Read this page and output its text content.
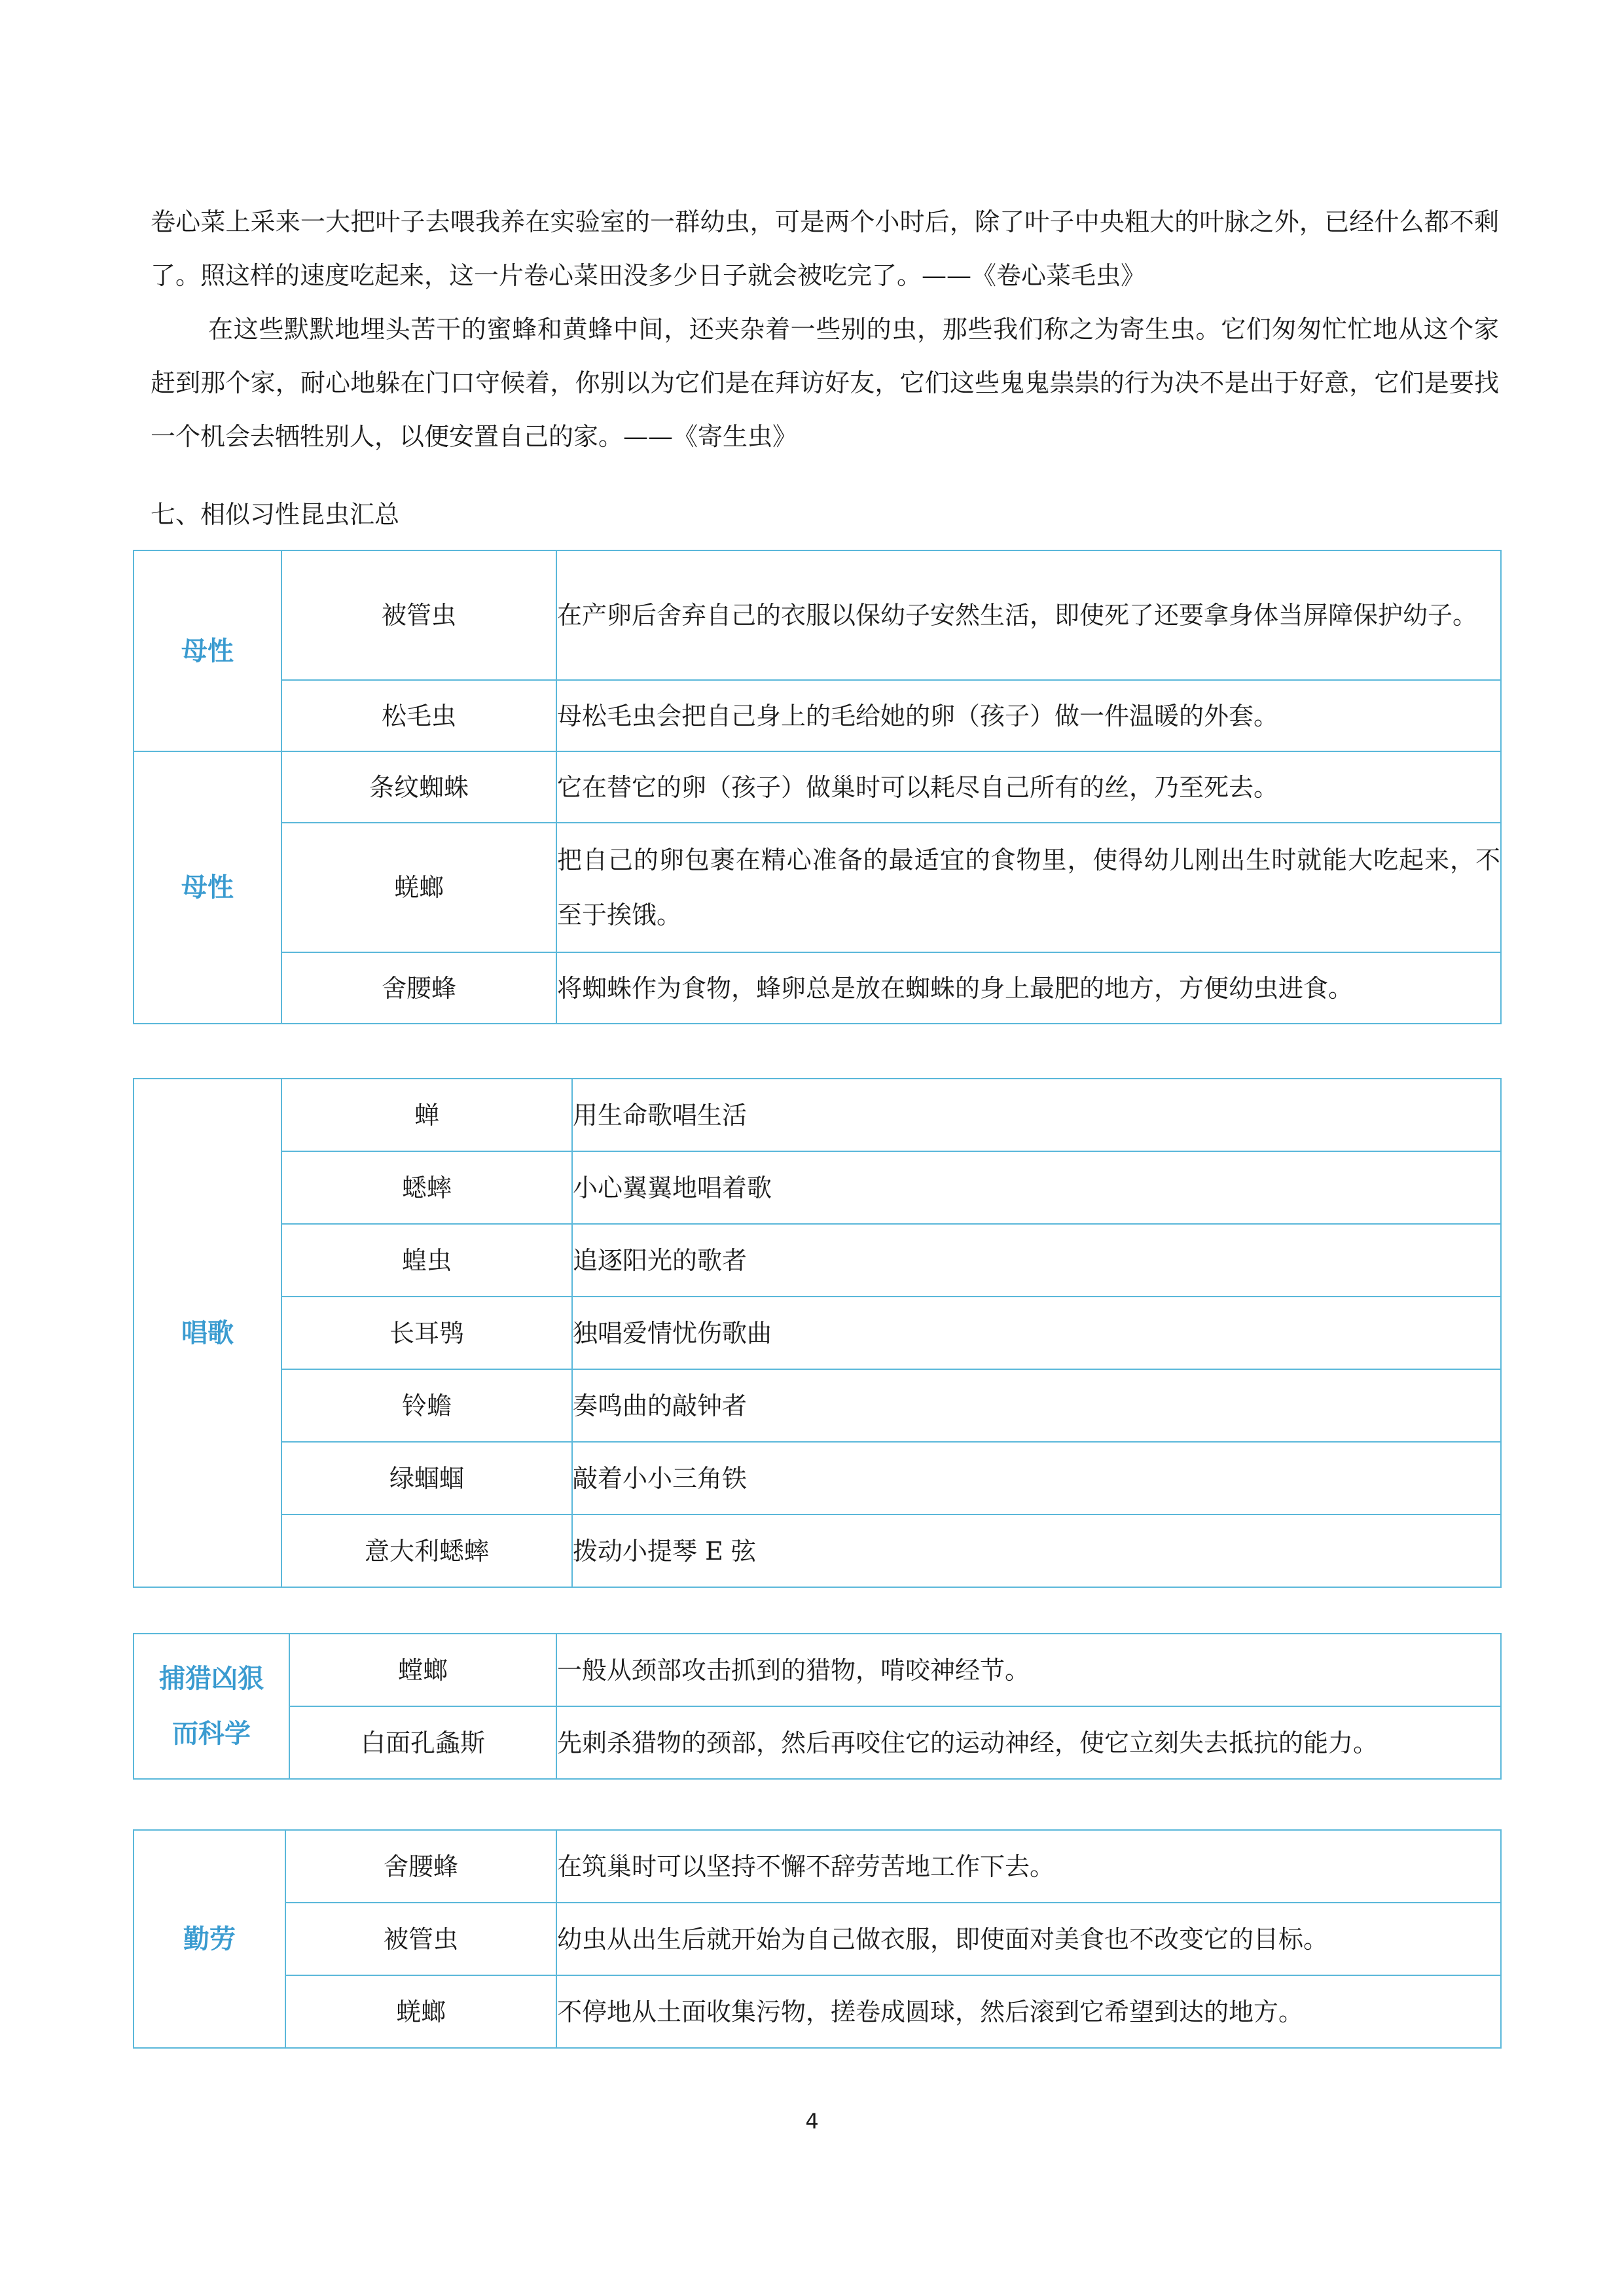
卷心菜上采来一大把叶子去喂我养在实验室的一群幼虫，可是两个小时后，除了叶子中央粗大的叶脉之外，已经什么都不剩了。照这样的速度吃起来，这一片卷心菜田没多少日子就会被吃完了。——《卷心菜毛虫》

在这些默默地埋头苦干的蜜蜂和黄蜂中间，还夹杂着一些别的虫，那些我们称之为寄生虫。它们匆匆忙忙地从这个家赶到那个家，耐心地躲在门口守候着，你别以为它们是在拜访好友，它们这些鬼鬼祟祟的行为决不是出于好意，它们是要找一个机会去牺牲别人，以便安置自己的家。——《寄生虫》

七、相似习性昆虫汇总

母性	被管虫	在产卵后舍弃自己的衣服以保幼子安然生活，即使死了还要拿身体当屏障保护幼子。
	松毛虫	母松毛虫会把自己身上的毛给她的卵（孩子）做一件温暖的外套。
母性	条纹蜘蛛	它在替它的卵（孩子）做巢时可以耗尽自己所有的丝，乃至死去。
	蜣螂	把自己的卵包裹在精心准备的最适宜的食物里，使得幼儿刚出生时就能大吃起来，不至于挨饿。
	舍腰蜂	将蜘蛛作为食物，蜂卵总是放在蜘蛛的身上最肥的地方，方便幼虫进食。
唱歌	蝉	用生命歌唱生活
	蟋蟀	小心翼翼地唱着歌
	蝗虫	追逐阳光的歌者
	长耳鸮	独唱爱情忧伤歌曲
	铃蟾	奏鸣曲的敲钟者
	绿蝈蝈	敲着小小三角铁
	意大利蟋蟀	拨动小提琴 E 弦
捕猎凶狠
而科学	螳螂	一般从颈部攻击抓到的猎物，啃咬神经节。
	白面孔螽斯	先刺杀猎物的颈部，然后再咬住它的运动神经，使它立刻失去抵抗的能力。
勤劳	舍腰蜂	在筑巢时可以坚持不懈不辞劳苦地工作下去。
	被管虫	幼虫从出生后就开始为自己做衣服，即使面对美食也不改变它的目标。
	蜣螂	不停地从土面收集污物，搓卷成圆球，然后滚到它希望到达的地方。
4
